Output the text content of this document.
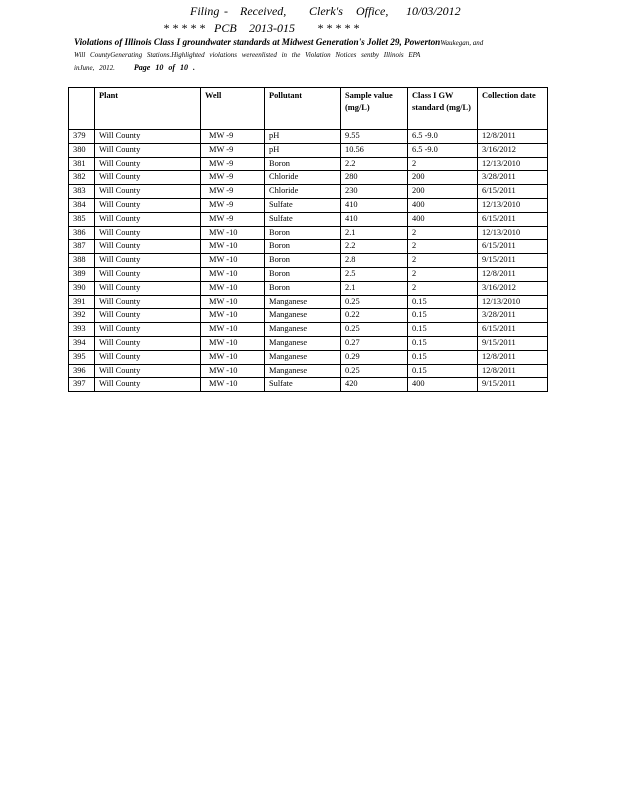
Filing - Received, Clerk's Office, 10/03/2012
* * * * * PCB 2013-015 * * * * *
Violations of Illinois Class I groundwater standards at Midwest Generation's Joliet 29, PowertonWaukegan, and
Will CountyGenerating Stations.Highlighted violations wereenlisted in the Violation Notices sentby Illinois EPA
inJune, 2012. Page 10 of 10 .
	Plant	Well	Pollutant	Sample value (mg/L)	Class I GW standard (mg/L)	Collection date
379	Will County	MW -9	pH	9.55	6.5 -9.0	12/8/2011
380	Will County	MW -9	pH	10.56	6.5 -9.0	3/16/2012
381	Will County	MW -9	Boron	2.2	2	12/13/2010
382	Will County	MW -9	Chloride	280	200	3/28/2011
383	Will County	MW -9	Chloride	230	200	6/15/2011
384	Will County	MW -9	Sulfate	410	400	12/13/2010
385	Will County	MW -9	Sulfate	410	400	6/15/2011
386	Will County	MW -10	Boron	2.1	2	12/13/2010
387	Will County	MW -10	Boron	2.2	2	6/15/2011
388	Will County	MW -10	Boron	2.8	2	9/15/2011
389	Will County	MW -10	Boron	2.5	2	12/8/2011
390	Will County	MW -10	Boron	2.1	2	3/16/2012
391	Will County	MW -10	Manganese	0.25	0.15	12/13/2010
392	Will County	MW -10	Manganese	0.22	0.15	3/28/2011
393	Will County	MW -10	Manganese	0.25	0.15	6/15/2011
394	Will County	MW -10	Manganese	0.27	0.15	9/15/2011
395	Will County	MW -10	Manganese	0.29	0.15	12/8/2011
396	Will County	MW -10	Manganese	0.25	0.15	12/8/2011
397	Will County	MW -10	Sulfate	420	400	9/15/2011
